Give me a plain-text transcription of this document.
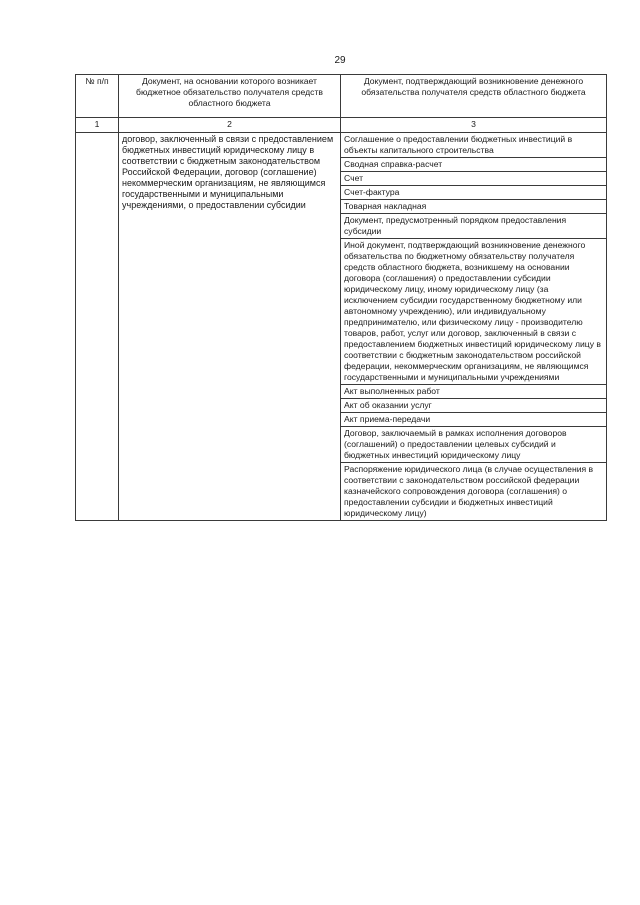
29
№ п/п	Документ, на основании которого возникает бюджетное обязательство получателя средств областного бюджета	Документ, подтверждающий возникновение денежного обязательства получателя средств областного бюджета
1	2	3
	договор, заключенный в связи с предоставлением бюджетных инвестиций юридическому лицу в соответствии с бюджетным законодательством Российской Федерации, договор (соглашение) некоммерческим организациям, не являющимся государственными и муниципальными учреждениями, о предоставлении субсидии	Соглашение о предоставлении бюджетных инвестиций в объекты капитального строительства
		Сводная справка-расчет
		Счет
		Счет-фактура
		Товарная накладная
		Документ, предусмотренный порядком предоставления субсидии
		Иной документ, подтверждающий возникновение денежного обязательства по бюджетному обязательству получателя средств областного бюджета, возникшему на основании договора (соглашения) о предоставлении субсидии юридическому лицу, иному юридическому лицу (за исключением субсидии государственному бюджетному или автономному учреждению), или индивидуальному предпринимателю, или физическому лицу - производителю товаров, работ, услуг или договор, заключенный в связи с предоставлением бюджетных инвестиций юридическому лицу в соответствии с бюджетным законодательством российской федерации, некоммерческим организациям, не являющимся государственными и муниципальными учреждениями
		Акт выполненных работ
		Акт об оказании услуг
		Акт приема-передачи
		Договор, заключаемый в рамках исполнения договоров (соглашений) о предоставлении целевых субсидий и бюджетных инвестиций юридическому лицу
		Распоряжение юридического лица (в случае осуществления в соответствии с законодательством российской федерации казначейского сопровождения договора (соглашения) о предоставлении субсидии и бюджетных инвестиций юридическому лицу)
